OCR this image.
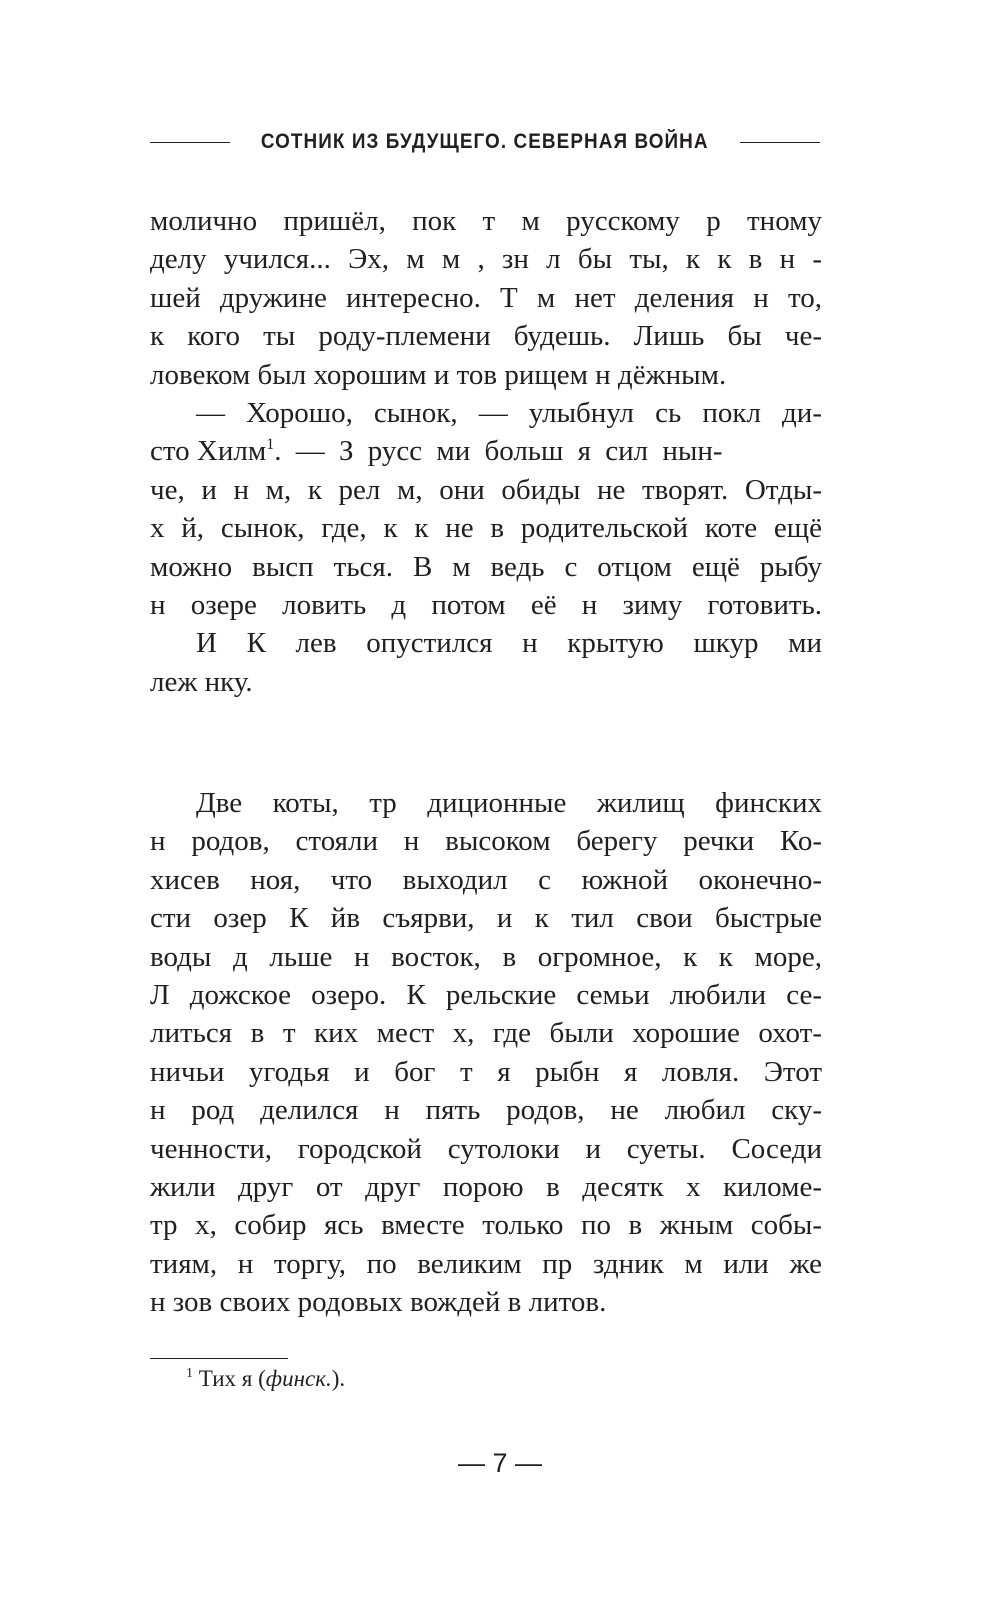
СОТНИК ИЗ БУДУЩЕГО. СЕВЕРНАЯ ВОЙНА
молично пришёл, пок т м русскому р тному
делу учился... Эх, м м , зн л бы ты, к к в н -
шей дружине интересно. Т м нет деления н то,
к кого ты роду-племени будешь. Лишь бы че-
ловеком был хорошим и тов рищем н дёжным.
— Хорошо, сынок, — улыбнул сь покл ди-
сто Хилм$^1$. — З русс ми больш я сил нын-
че, и н м, к рел м, они обиды не творят. Отды-
х й, сынок, где, к к не в родительской коте ещё
можно высп ться. В м ведь с отцом ещё рыбу
н озере ловить д потом её н зиму готовить.
И К лев опустился н крытую шкур ми
леж нку.
Две коты, тр диционные жилищ финских
н родов, стояли н высоком берегу речки Ко-
хисев ноя, что выходил с южной оконечно-
сти озер К йв съярви, и к тил свои быстрые
воды д льше н восток, в огромное, к к море,
Л дожское озеро. К рельские семьи любили се-
литься в т ких мест х, где были хорошие охот-
ничьи угодья и бог т я рыбн я ловля. Этот
н род делился н пять родов, не любил ску-
ченности, городской сутолоки и суеты. Соседи
жили друг от друг порою в десятк х киломе-
тр х, собир ясь вместе только по в жным собы-
тиям, н торгу, по великим пр здник м или же
н зов своих родовых вождей в литов.
$^1$ Тих я (финск.).
— 7 —
